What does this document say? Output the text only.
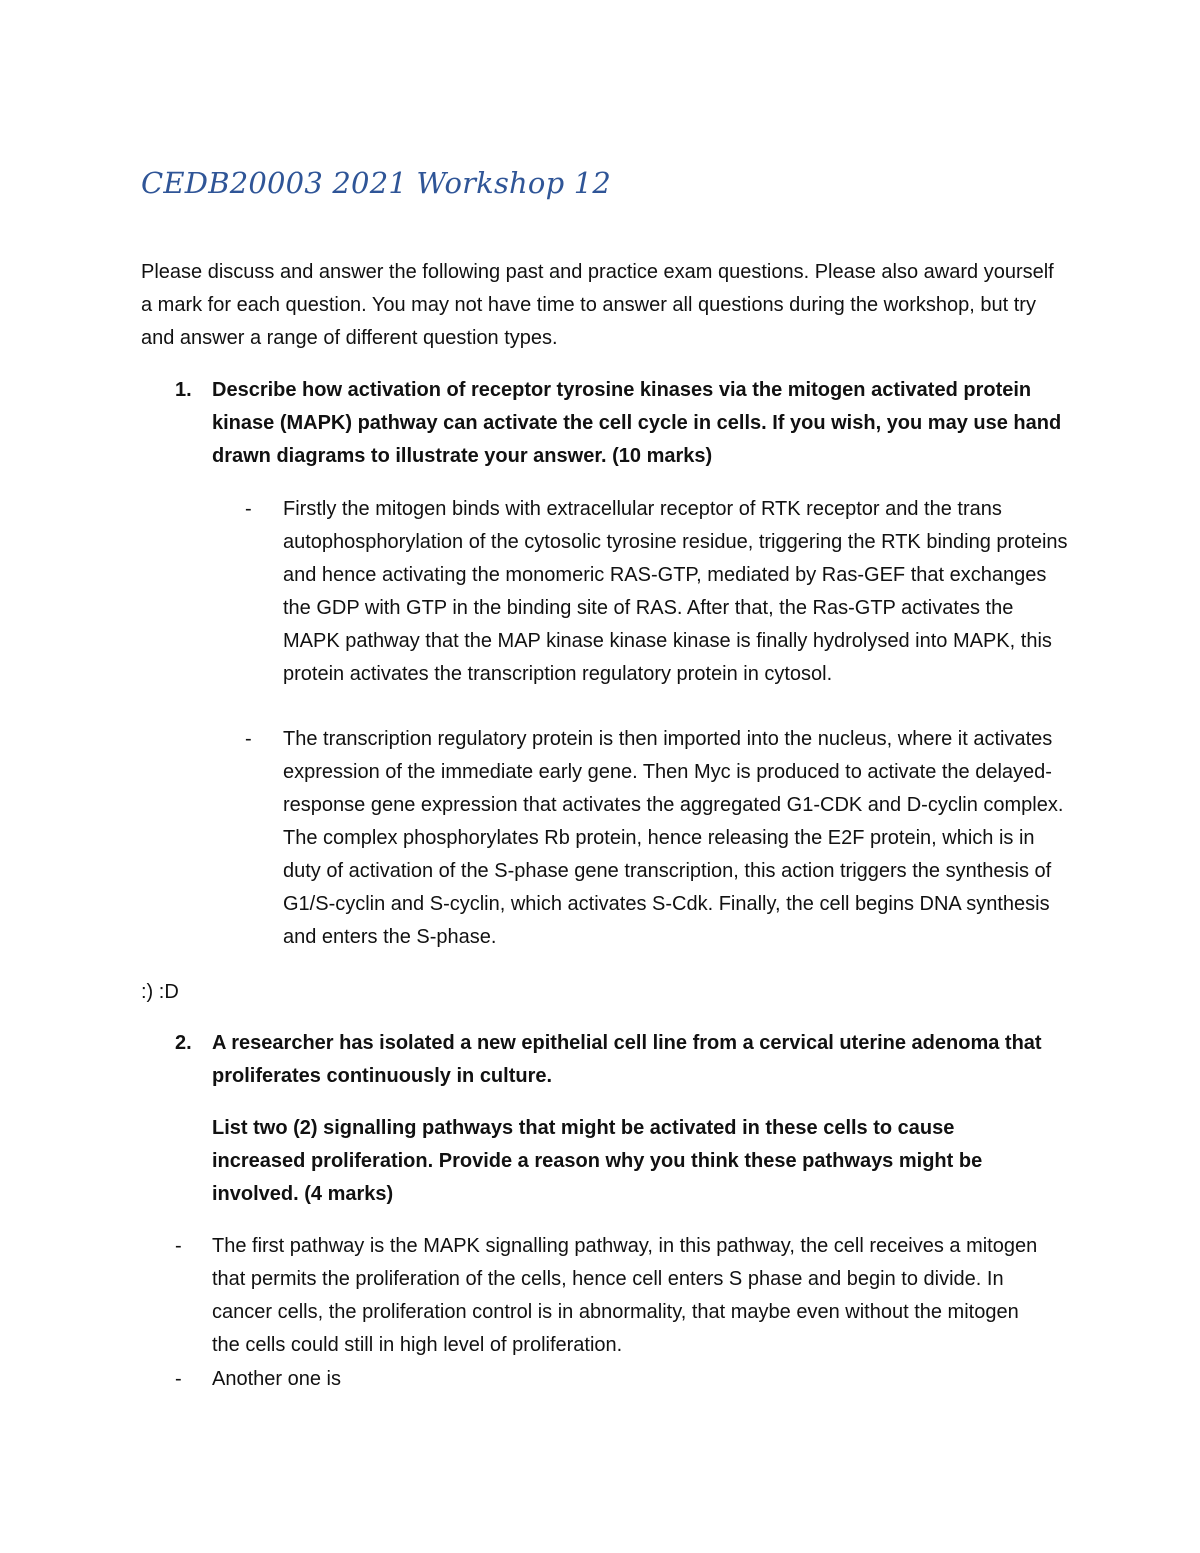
CEDB20003 2021 Workshop 12

Please discuss and answer the following past and practice exam questions. Please also award yourself a mark for each question. You may not have time to answer all questions during the workshop, but try and answer a range of different question types.

1. Describe how activation of receptor tyrosine kinases via the mitogen activated protein kinase (MAPK) pathway can activate the cell cycle in cells. If you wish, you may use hand drawn diagrams to illustrate your answer. (10 marks)

- Firstly the mitogen binds with extracellular receptor of RTK receptor and the trans autophosphorylation of the cytosolic tyrosine residue, triggering the RTK binding proteins and hence activating the monomeric RAS-GTP, mediated by Ras-GEF that exchanges the GDP with GTP in the binding site of RAS. After that, the Ras-GTP activates the MAPK pathway that the MAP kinase kinase kinase is finally hydrolysed into MAPK, this protein activates the transcription regulatory protein in cytosol.

- The transcription regulatory protein is then imported into the nucleus, where it activates expression of the immediate early gene. Then Myc is produced to activate the delayed-response gene expression that activates the aggregated G1-CDK and D-cyclin complex. The complex phosphorylates Rb protein, hence releasing the E2F protein, which is in duty of activation of the S-phase gene transcription, this action triggers the synthesis of G1/S-cyclin and S-cyclin, which activates S-Cdk. Finally, the cell begins DNA synthesis and enters the S-phase.

:) :D

2. A researcher has isolated a new epithelial cell line from a cervical uterine adenoma that proliferates continuously in culture.

List two (2) signalling pathways that might be activated in these cells to cause increased proliferation. Provide a reason why you think these pathways might be involved. (4 marks)

- The first pathway is the MAPK signalling pathway, in this pathway, the cell receives a mitogen that permits the proliferation of the cells, hence cell enters S phase and begin to divide. In cancer cells, the proliferation control is in abnormality, that maybe even without the mitogen the cells could still in high level of proliferation.

- Another one is
